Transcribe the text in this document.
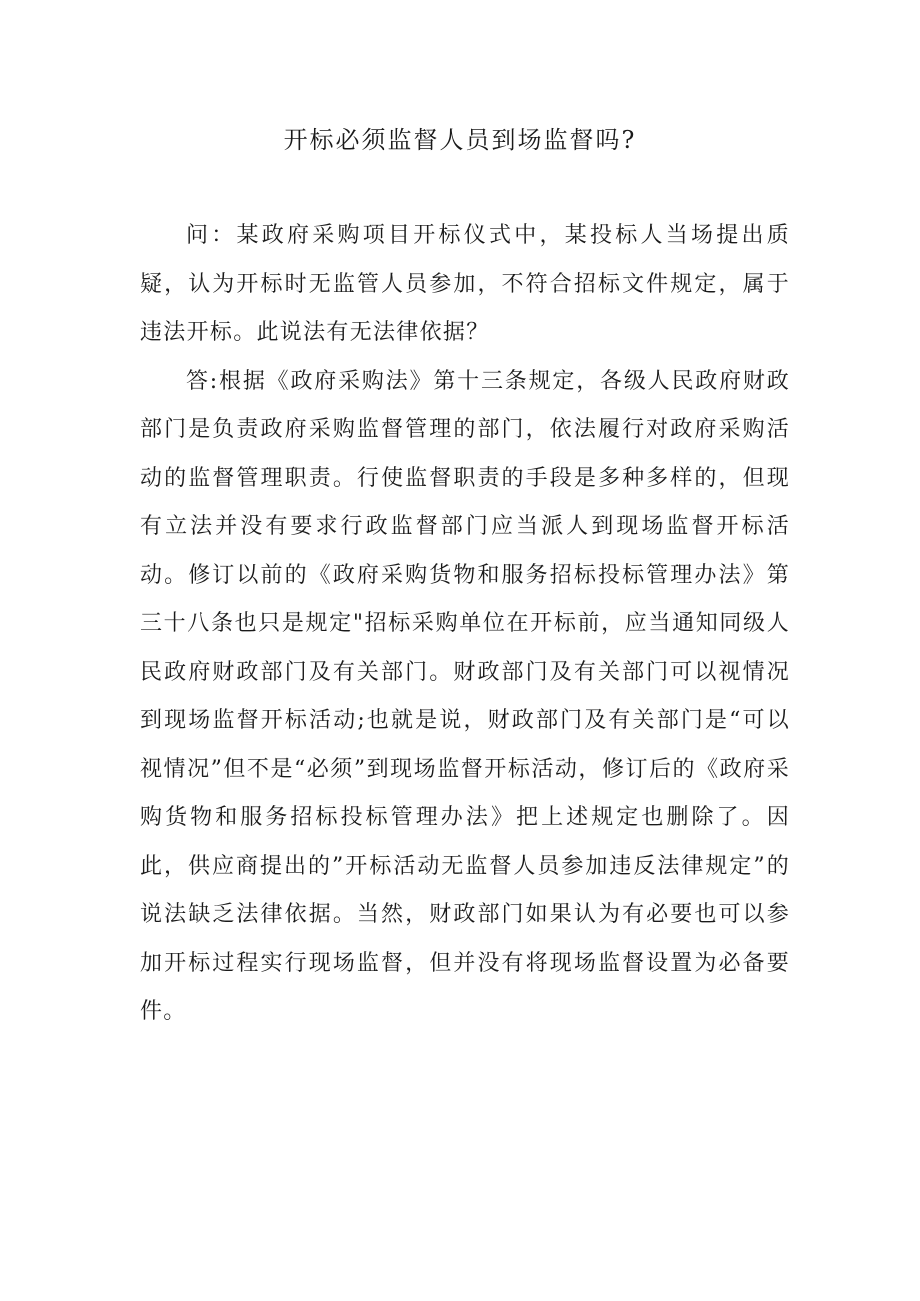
开标必须监督人员到场监督吗?

问：某政府采购项目开标仪式中，某投标人当场提出质疑，认为开标时无监管人员参加，不符合招标文件规定，属于违法开标。此说法有无法律依据？

答:根据《政府采购法》第十三条规定，各级人民政府财政部门是负责政府采购监督管理的部门，依法履行对政府采购活动的监督管理职责。行使监督职责的手段是多种多样的，但现有立法并没有要求行政监督部门应当派人到现场监督开标活动。修订以前的《政府采购货物和服务招标投标管理办法》第三十八条也只是规定"招标采购单位在开标前，应当通知同级人民政府财政部门及有关部门。财政部门及有关部门可以视情况到现场监督开标活动;也就是说，财政部门及有关部门是“可以视情况”但不是“必须”到现场监督开标活动，修订后的《政府采购货物和服务招标投标管理办法》把上述规定也删除了。因此，供应商提出的”开标活动无监督人员参加违反法律规定”的说法缺乏法律依据。当然，财政部门如果认为有必要也可以参加开标过程实行现场监督，但并没有将现场监督设置为必备要件。
